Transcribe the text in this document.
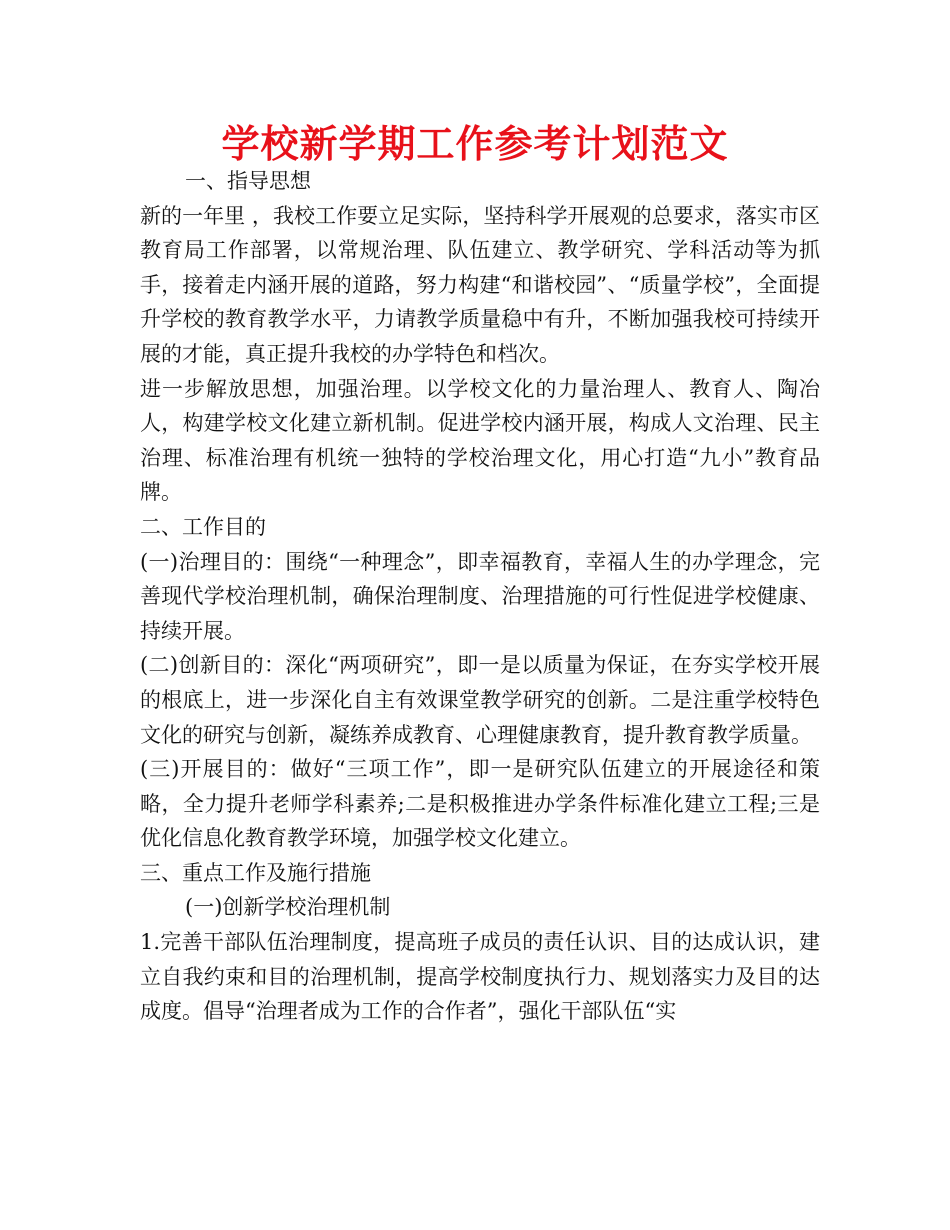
学校新学期工作参考计划范文

一、指导思想

新的一年里 ，我校工作要立足实际，坚持科学开展观的总要求，落实市区教育局工作部署，以常规治理、队伍建立、教学研究、学科活动等为抓手，接着走内涵开展的道路，努力构建“和谐校园”、“质量学校”，全面提升学校的教育教学水平，力请教学质量稳中有升，不断加强我校可持续开展的才能，真正提升我校的办学特色和档次。

进一步解放思想，加强治理。以学校文化的力量治理人、教育人、陶冶人，构建学校文化建立新机制。促进学校内涵开展，构成人文治理、民主治理、标准治理有机统一独特的学校治理文化，用心打造“九小”教育品牌。

二、工作目的

(一)治理目的：围绕“一种理念”，即幸福教育，幸福人生的办学理念，完善现代学校治理机制，确保治理制度、治理措施的可行性促进学校健康、持续开展。

(二)创新目的：深化“两项研究”，即一是以质量为保证，在夯实学校开展的根底上，进一步深化自主有效课堂教学研究的创新。二是注重学校特色文化的研究与创新，凝练养成教育、心理健康教育，提升教育教学质量。

(三)开展目的：做好“三项工作”，即一是研究队伍建立的开展途径和策略，全力提升老师学科素养;二是积极推进办学条件标准化建立工程;三是优化信息化教育教学环境，加强学校文化建立。

三、重点工作及施行措施

(一)创新学校治理机制

1.完善干部队伍治理制度，提高班子成员的责任认识、目的达成认识，建立自我约束和目的治理机制，提高学校制度执行力、规划落实力及目的达成度。倡导“治理者成为工作的合作者”，强化干部队伍“实
